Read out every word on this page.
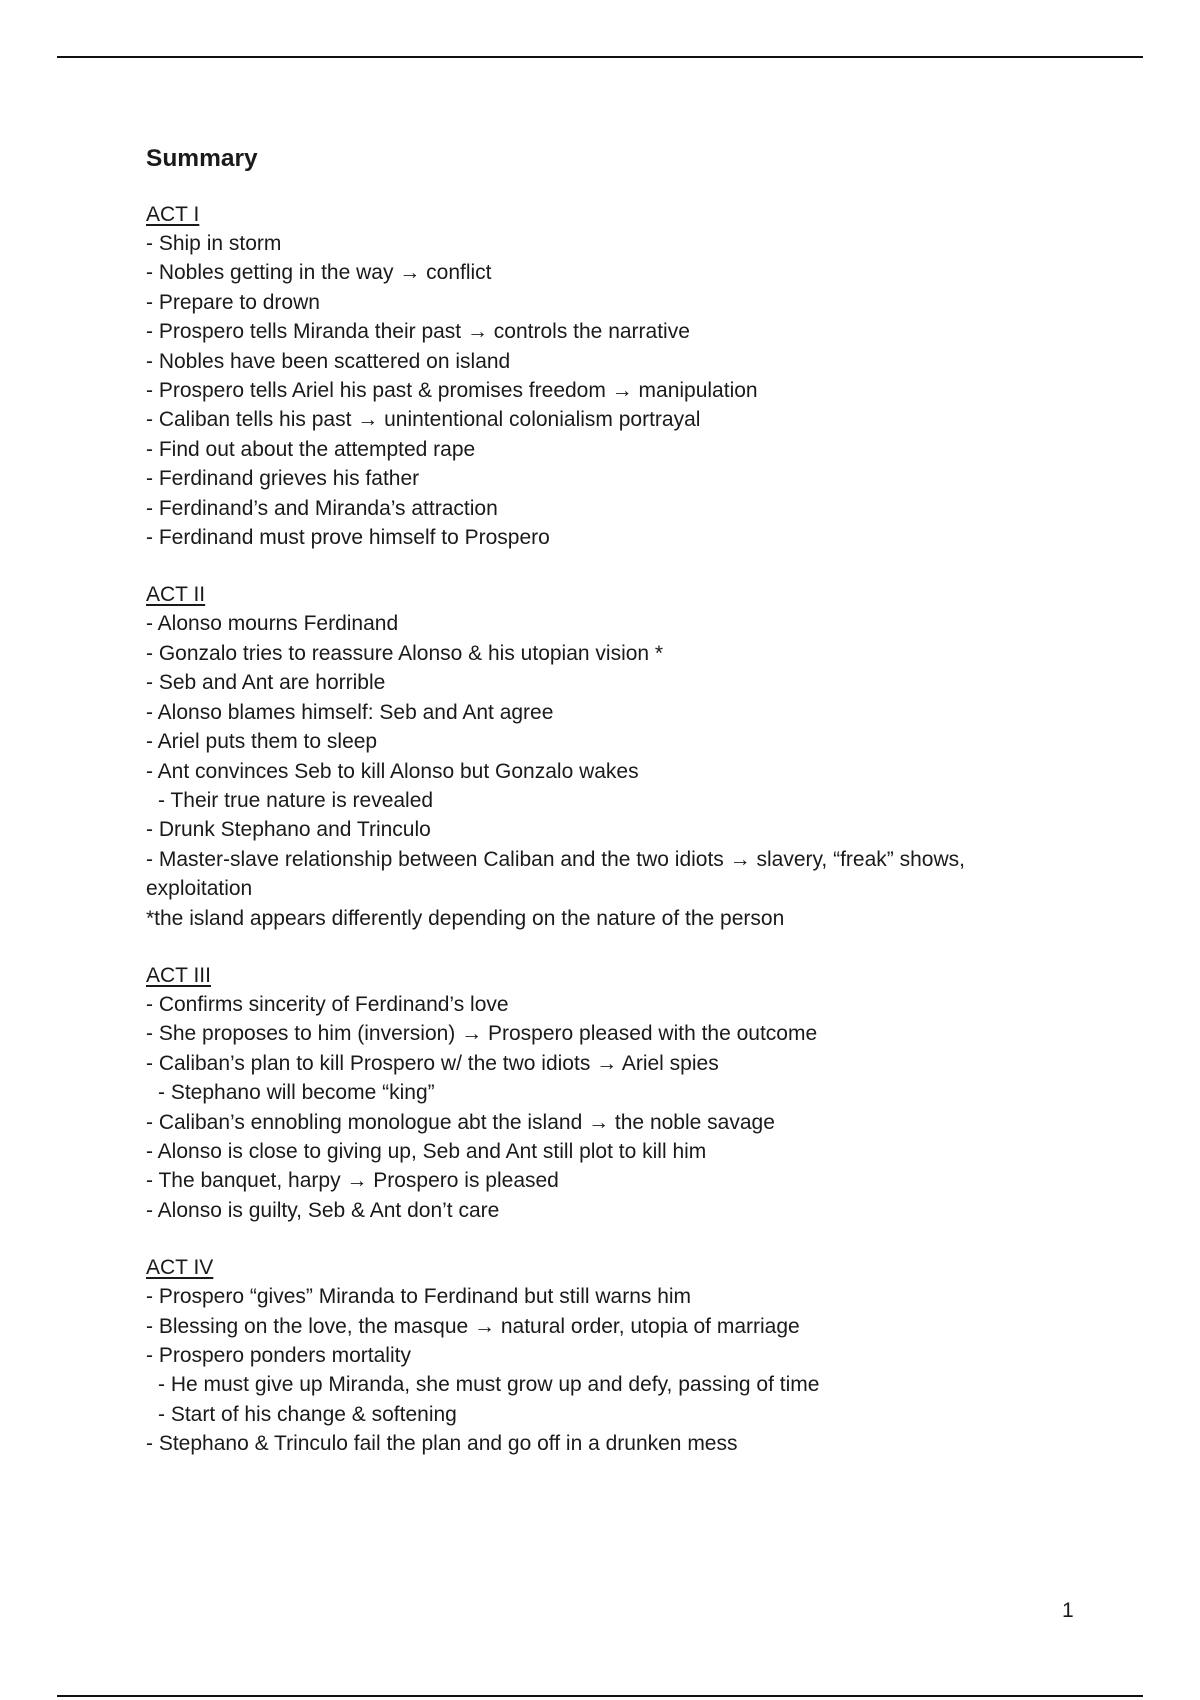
Summary
ACT I
- Ship in storm
- Nobles getting in the way → conflict
- Prepare to drown
- Prospero tells Miranda their past → controls the narrative
- Nobles have been scattered on island
- Prospero tells Ariel his past & promises freedom → manipulation
- Caliban tells his past → unintentional colonialism portrayal
- Find out about the attempted rape
- Ferdinand grieves his father
- Ferdinand’s and Miranda’s attraction
- Ferdinand must prove himself to Prospero
ACT II
- Alonso mourns Ferdinand
- Gonzalo tries to reassure Alonso & his utopian vision *
- Seb and Ant are horrible
- Alonso blames himself: Seb and Ant agree
- Ariel puts them to sleep
- Ant convinces Seb to kill Alonso but Gonzalo wakes
- Their true nature is revealed
- Drunk Stephano and Trinculo
- Master-slave relationship between Caliban and the two idiots → slavery, “freak” shows, exploitation
*the island appears differently depending on the nature of the person
ACT III
- Confirms sincerity of Ferdinand’s love
- She proposes to him (inversion) → Prospero pleased with the outcome
- Caliban’s plan to kill Prospero w/ the two idiots → Ariel spies
- Stephano will become “king”
- Caliban’s ennobling monologue abt the island → the noble savage
- Alonso is close to giving up, Seb and Ant still plot to kill him
- The banquet, harpy → Prospero is pleased
- Alonso is guilty, Seb & Ant don’t care
ACT IV
- Prospero “gives” Miranda to Ferdinand but still warns him
- Blessing on the love, the masque → natural order, utopia of marriage
- Prospero ponders mortality
- He must give up Miranda, she must grow up and defy, passing of time
- Start of his change & softening
- Stephano & Trinculo fail the plan and go off in a drunken mess
1
